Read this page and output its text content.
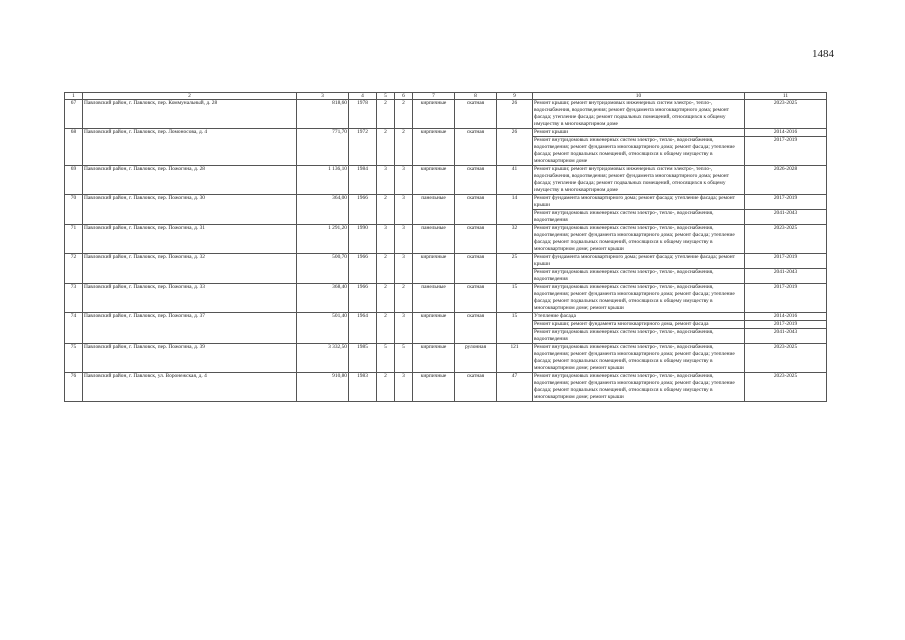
1484
1	2	3	4	5	6	7	8	9	10	11
67	Павловский район, г. Павловск, пер. Коммунальный, д. 28	818,60	1978	2	2	кирпичные	скатная	26	Ремонт крыши; ремонт внутридомовых инженерных систем электро-, тепло-, водоснабжения, водоотведения; ремонт фундамента многоквартирного дома; ремонт фасада; утепление фасада; ремонт подвальных помещений, относящихся к общему имуществу в многоквартирном доме	2023-2025
68	Павловский район, г. Павловск, пер. Ломоносова, д. 4	771,70	1972	2	2	кирпичные	скатная	26	Ремонт крыши	2014-2016
									Ремонт внутридомовых инженерных систем электро-, тепло-, водоснабжения, водоотведения; ремонт фундамента многоквартирного дома; ремонт фасада; утепление фасада; ремонт подвальных помещений, относящихся к общему имуществу в многоквартирном доме	2017-2019
69	Павловский район, г. Павловск, пер. Пожогина, д. 28	1 136,10	1984	3	3	кирпичные	скатная	41	Ремонт крыши; ремонт внутридомовых инженерных систем электро-, тепло-, водоснабжения, водоотведения; ремонт фундамента многоквартирного дома; ремонт фасада; утепление фасада; ремонт подвальных помещений, относящихся к общему имуществу в многоквартирном доме	2026-2028
70	Павловский район, г. Павловск, пер. Пожогина, д. 30	364,00	1966	2	3	панельные	скатная	14	Ремонт фундамента многоквартирного дома; ремонт фасада; утепление фасада; ремонт крыши	2017-2019
									Ремонт внутридомовых инженерных систем электро-, тепло-, водоснабжения, водоотведения	2041-2043
71	Павловский район, г. Павловск, пер. Пожогина, д. 31	1 291,20	1990	3	3	панельные	скатная	32	Ремонт внутридомовых инженерных систем электро-, тепло-, водоснабжения, водоотведения; ремонт фундамента многоквартирного дома; ремонт фасада; утепление фасада; ремонт подвальных помещений, относящихся к общему имуществу в многоквартирном доме; ремонт крыши	2023-2025
72	Павловский район, г. Павловск, пер. Пожогина, д. 32	500,70	1966	2	3	кирпичные	скатная	25	Ремонт фундамента многоквартирного дома; ремонт фасада; утепление фасада; ремонт крыши	2017-2019
									Ремонт внутридомовых инженерных систем электро-, тепло-, водоснабжения, водоотведения	2041-2043
73	Павловский район, г. Павловск, пер. Пожогина, д. 33	368,40	1966	2	2	панельные	скатная	15	Ремонт внутридомовых инженерных систем электро-, тепло-, водоснабжения, водоотведения; ремонт фундамента многоквартирного дома; ремонт фасада; утепление фасада; ремонт подвальных помещений, относящихся к общему имуществу в многоквартирном доме; ремонт крыши	2017-2019
74	Павловский район, г. Павловск, пер. Пожогина, д. 37	501,40	1964	2	3	кирпичные	скатная	15	Утепление фасада	2014-2016
									Ремонт крыши; ремонт фундамента многоквартирного дома, ремонт фасада	2017-2019
									Ремонт внутридомовых инженерных систем электро-, тепло-, водоснабжения, водоотведения	2041-2043
75	Павловский район, г. Павловск, пер. Пожогина, д. 39	3 332,50	1985	5	5	кирпичные	рулонная	121	Ремонт внутридомовых инженерных систем электро-, тепло-, водоснабжения, водоотведения; ремонт фундамента многоквартирного дома; ремонт фасада; утепление фасада; ремонт подвальных помещений, относящихся к общему имуществу в многоквартирном доме; ремонт крыши	2023-2025
76	Павловский район, г. Павловск, ул. Воронежская, д. 4	910,80	1983	2	3	кирпичные	скатная	47	Ремонт внутридомовых инженерных систем электро-, тепло-, водоснабжения, водоотведения; ремонт фундамента многоквартирного дома; ремонт фасада; утепление фасада; ремонт подвальных помещений, относящихся к общему имуществу в многоквартирном доме; ремонт крыши	2023-2025
